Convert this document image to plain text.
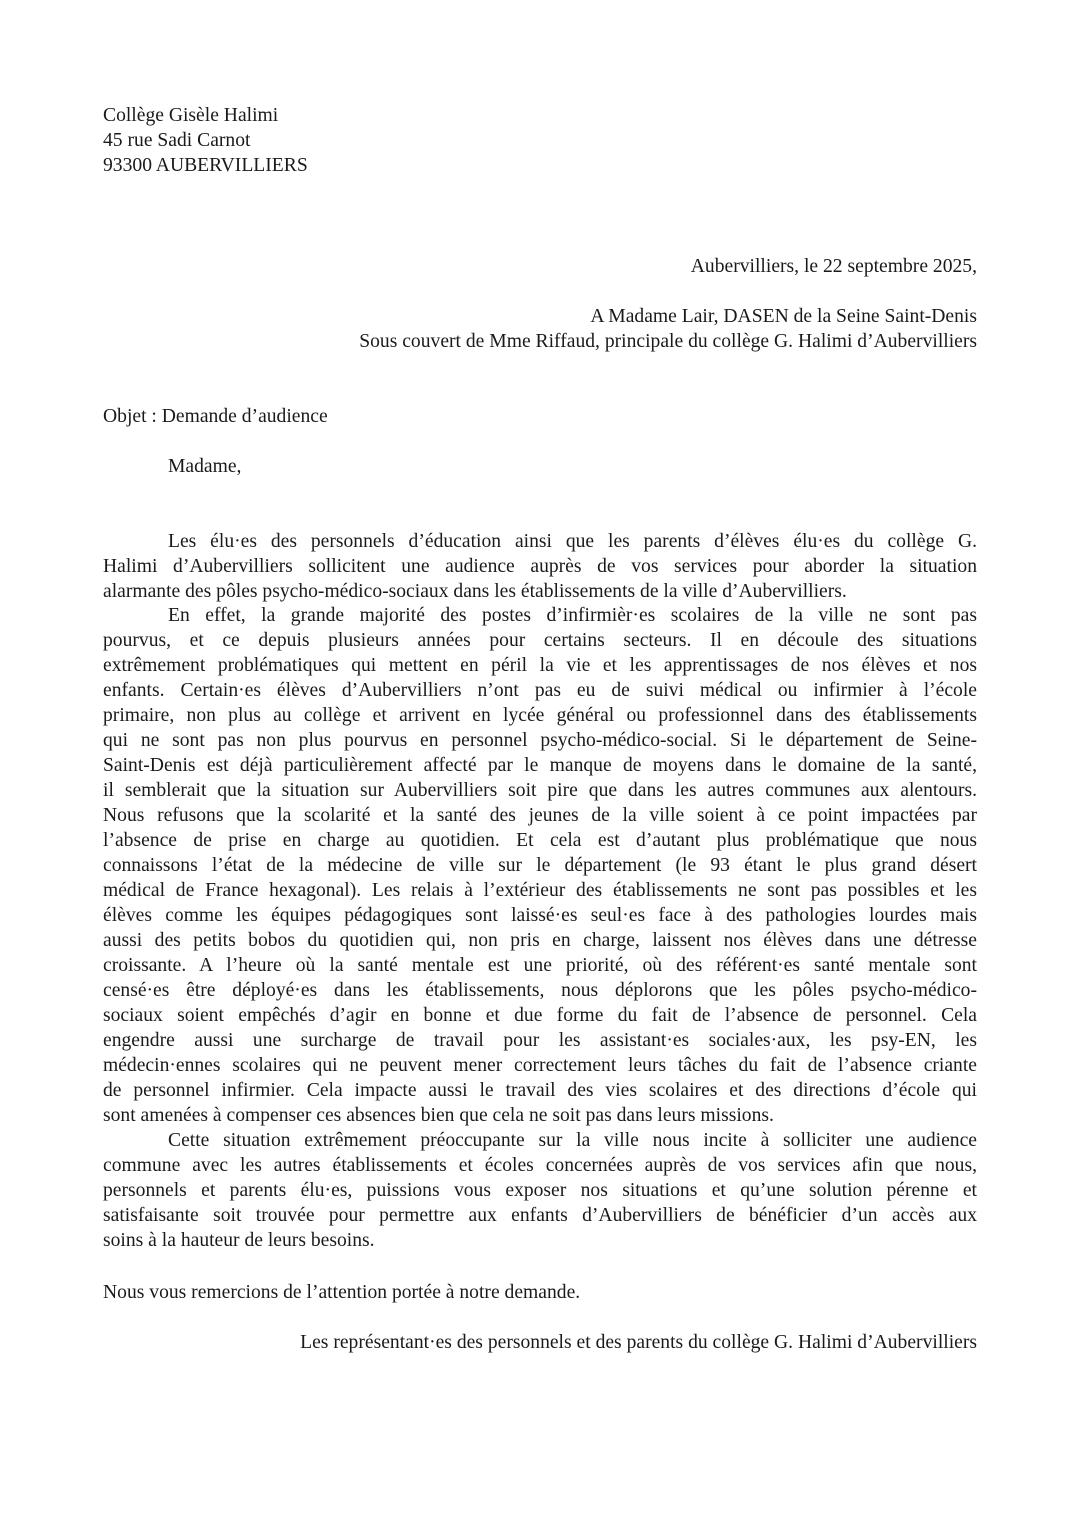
Collège Gisèle Halimi
45 rue Sadi Carnot
93300 AUBERVILLIERS
Aubervilliers, le 22 septembre 2025,
A Madame Lair, DASEN de la Seine Saint-Denis
Sous couvert de Mme Riffaud, principale du collège G. Halimi d’Aubervilliers
Objet : Demande d’audience
Madame,
Les élu·es des personnels d’éducation ainsi que les parents d’élèves élu·es du collège G.
Halimi d’Aubervilliers sollicitent une audience auprès de vos services pour aborder la situation
alarmante des pôles psycho-médico-sociaux dans les établissements de la ville d’Aubervilliers.
En effet, la grande majorité des postes d’infirmièr·es scolaires de la ville ne sont pas
pourvus, et ce depuis plusieurs années pour certains secteurs. Il en découle des situations
extrêmement problématiques qui mettent en péril la vie et les apprentissages de nos élèves et nos
enfants. Certain·es élèves d’Aubervilliers n’ont pas eu de suivi médical ou infirmier à l’école
primaire, non plus au collège et arrivent en lycée général ou professionnel dans des établissements
qui ne sont pas non plus pourvus en personnel psycho-médico-social. Si le département de Seine-
Saint-Denis est déjà particulièrement affecté par le manque de moyens dans le domaine de la santé,
il semblerait que la situation sur Aubervilliers soit pire que dans les autres communes aux alentours.
Nous refusons que la scolarité et la santé des jeunes de la ville soient à ce point impactées par
l’absence de prise en charge au quotidien. Et cela est d’autant plus problématique que nous
connaissons l’état de la médecine de ville sur le département (le 93 étant le plus grand désert
médical de France hexagonal). Les relais à l’extérieur des établissements ne sont pas possibles et les
élèves comme les équipes pédagogiques sont laissé·es seul·es face à des pathologies lourdes mais
aussi des petits bobos du quotidien qui, non pris en charge, laissent nos élèves dans une détresse
croissante. A l’heure où la santé mentale est une priorité, où des référent·es santé mentale sont
censé·es être déployé·es dans les établissements, nous déplorons que les pôles psycho-médico-
sociaux soient empêchés d’agir en bonne et due forme du fait de l’absence de personnel. Cela
engendre aussi une surcharge de travail pour les assistant·es sociales·aux, les psy-EN, les
médecin·ennes scolaires qui ne peuvent mener correctement leurs tâches du fait de l’absence criante
de personnel infirmier. Cela impacte aussi le travail des vies scolaires et des directions d’école qui
sont amenées à compenser ces absences bien que cela ne soit pas dans leurs missions.
Cette situation extrêmement préoccupante sur la ville nous incite à solliciter une audience
commune avec les autres établissements et écoles concernées auprès de vos services afin que nous,
personnels et parents élu·es, puissions vous exposer nos situations et qu’une solution pérenne et
satisfaisante soit trouvée pour permettre aux enfants d’Aubervilliers de bénéficier d’un accès aux
soins à la hauteur de leurs besoins.
Nous vous remercions de l’attention portée à notre demande.
Les représentant·es des personnels et des parents du collège G. Halimi d’Aubervilliers
